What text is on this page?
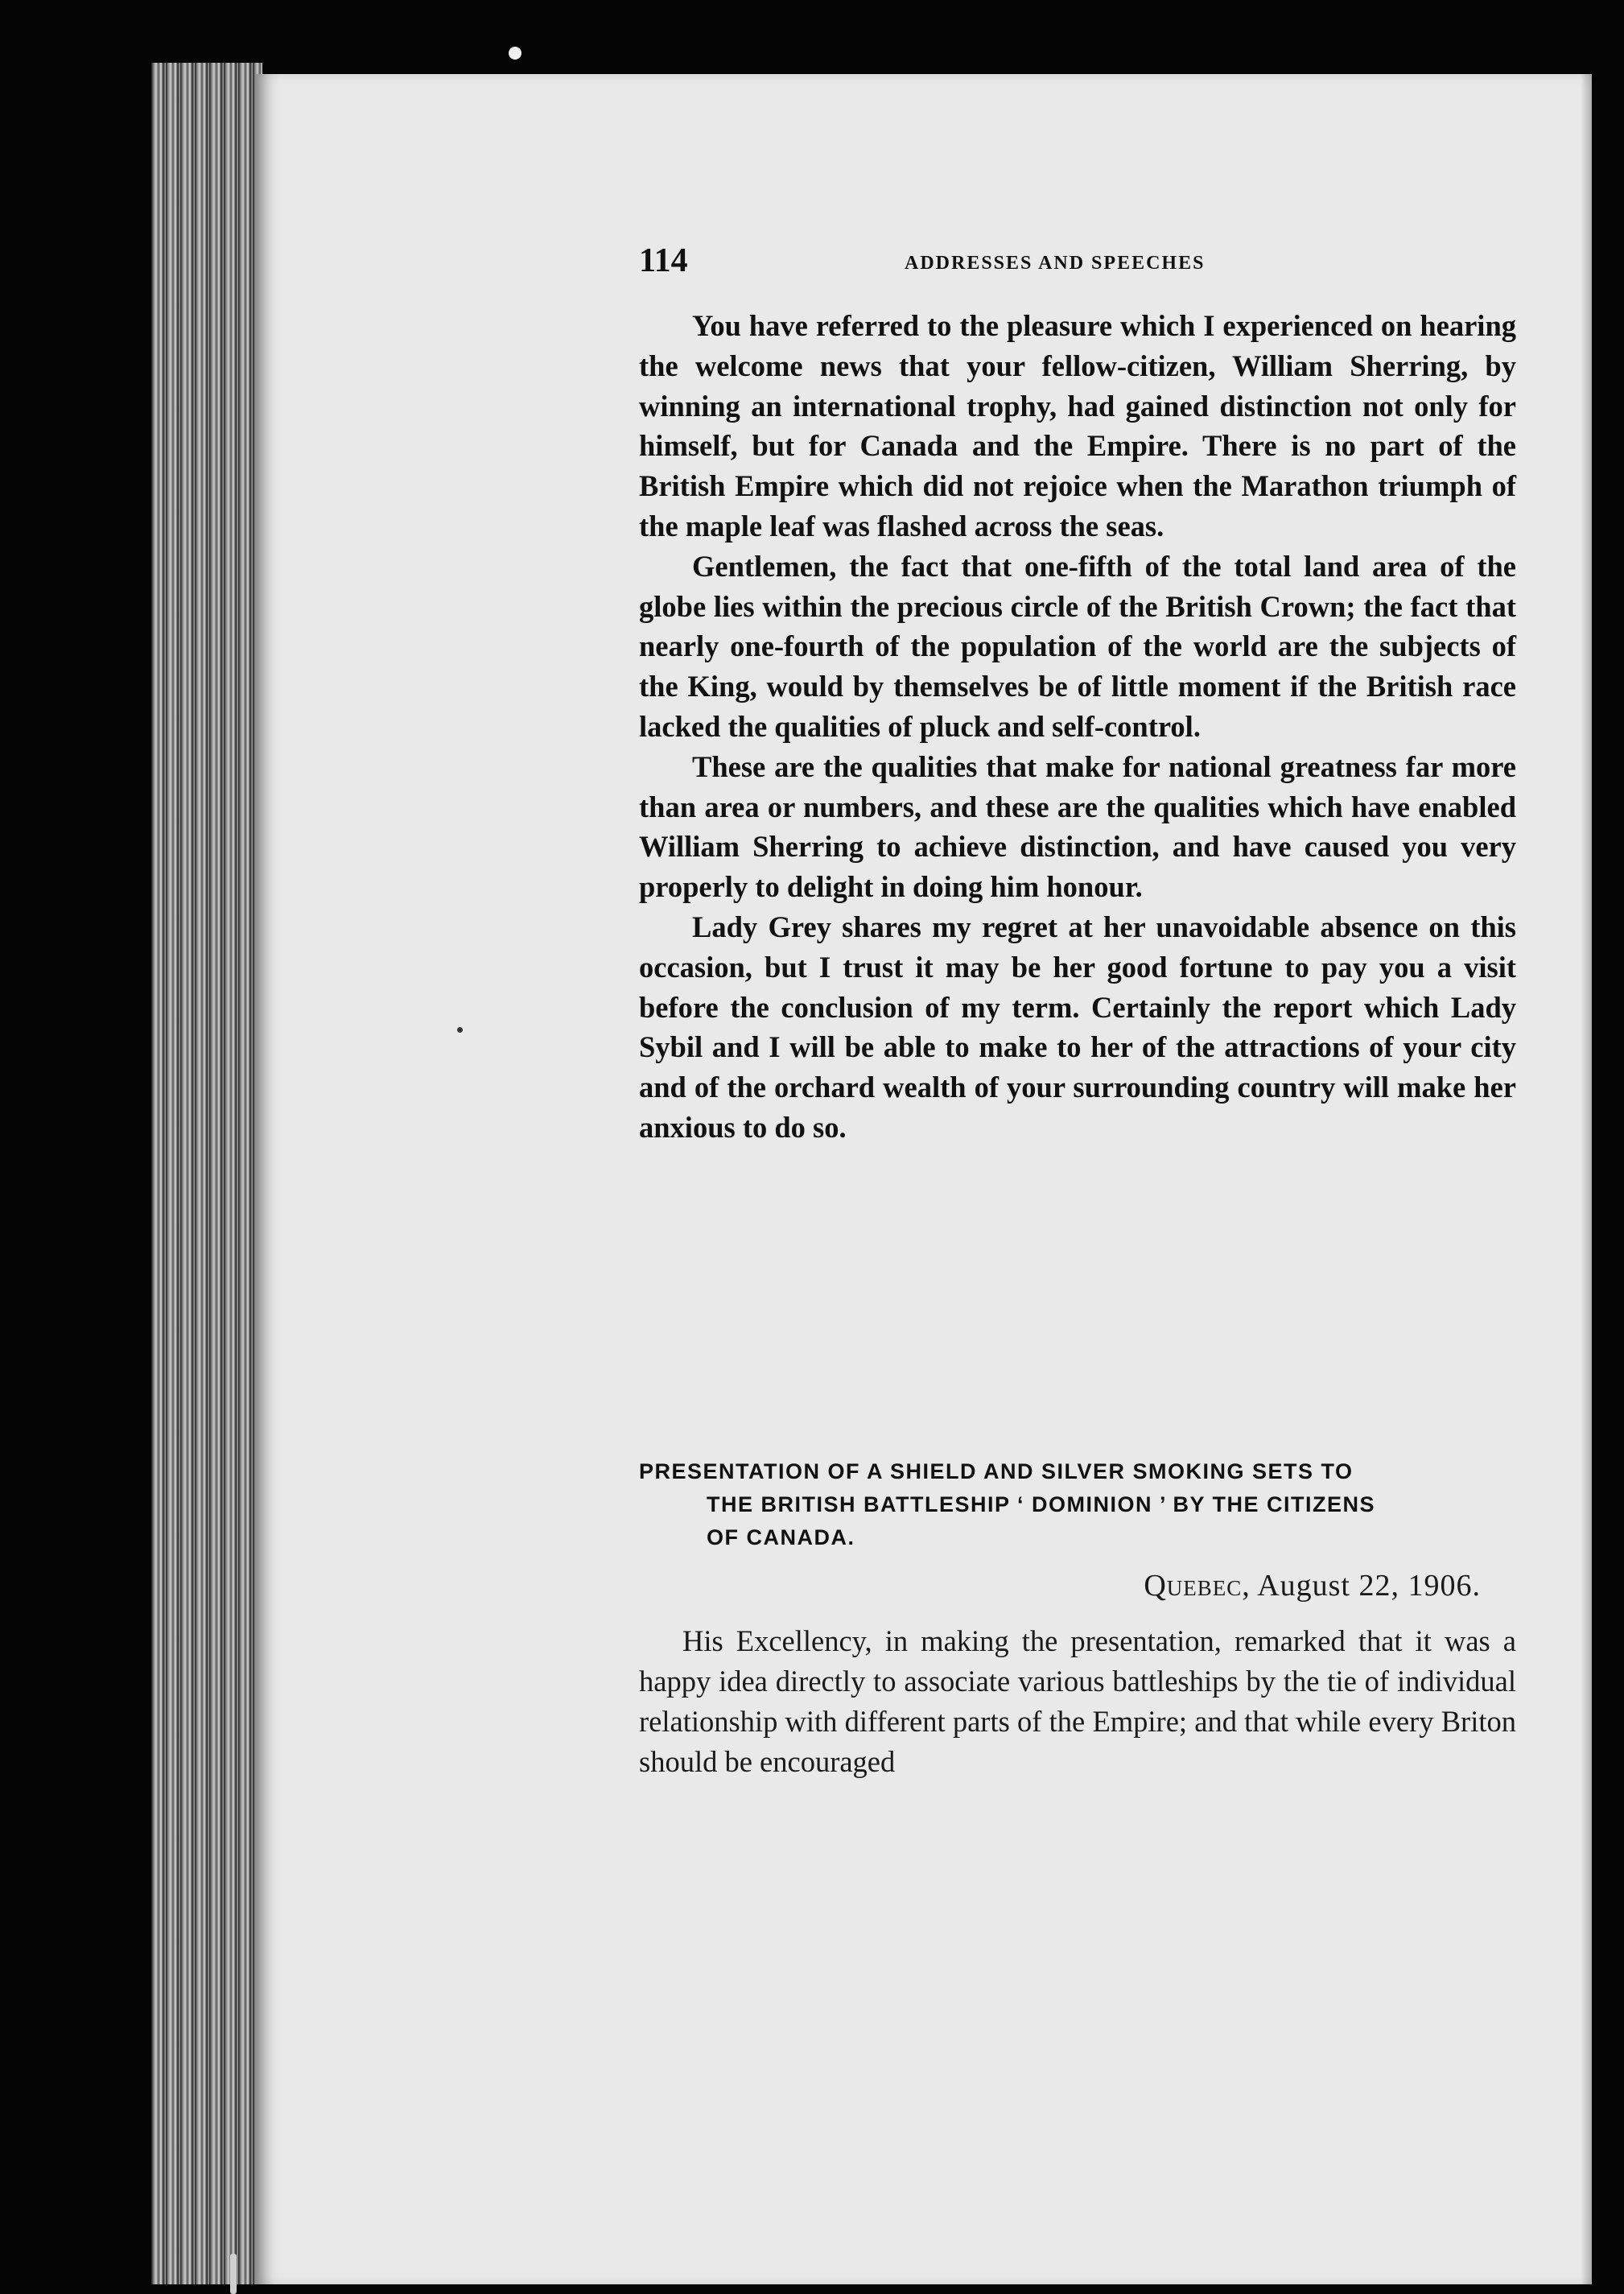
114	ADDRESSES AND SPEECHES

You have referred to the pleasure which I experienced on hearing the welcome news that your fellow-citizen, William Sherring, by winning an international trophy, had gained distinction not only for himself, but for Canada and the Empire. There is no part of the British Empire which did not rejoice when the Marathon triumph of the maple leaf was flashed across the seas.

Gentlemen, the fact that one-fifth of the total land area of the globe lies within the precious circle of the British Crown; the fact that nearly one-fourth of the population of the world are the subjects of the King, would by themselves be of little moment if the British race lacked the qualities of pluck and self-control.

These are the qualities that make for national greatness far more than area or numbers, and these are the qualities which have enabled William Sherring to achieve distinction, and have caused you very properly to delight in doing him honour.

Lady Grey shares my regret at her unavoidable absence on this occasion, but I trust it may be her good fortune to pay you a visit before the conclusion of my term. Certainly the report which Lady Sybil and I will be able to make to her of the attractions of your city and of the orchard wealth of your surrounding country will make her anxious to do so.

PRESENTATION OF A SHIELD AND SILVER SMOKING SETS TO
THE BRITISH BATTLESHIP ‘ DOMINION ’ BY THE CITIZENS
OF CANADA.
Quebec, August 22, 1906.

His Excellency, in making the presentation, remarked that it was a happy idea directly to associate various battleships by the tie of individual relationship with different parts of the Empire; and that while every Briton should be encouraged
